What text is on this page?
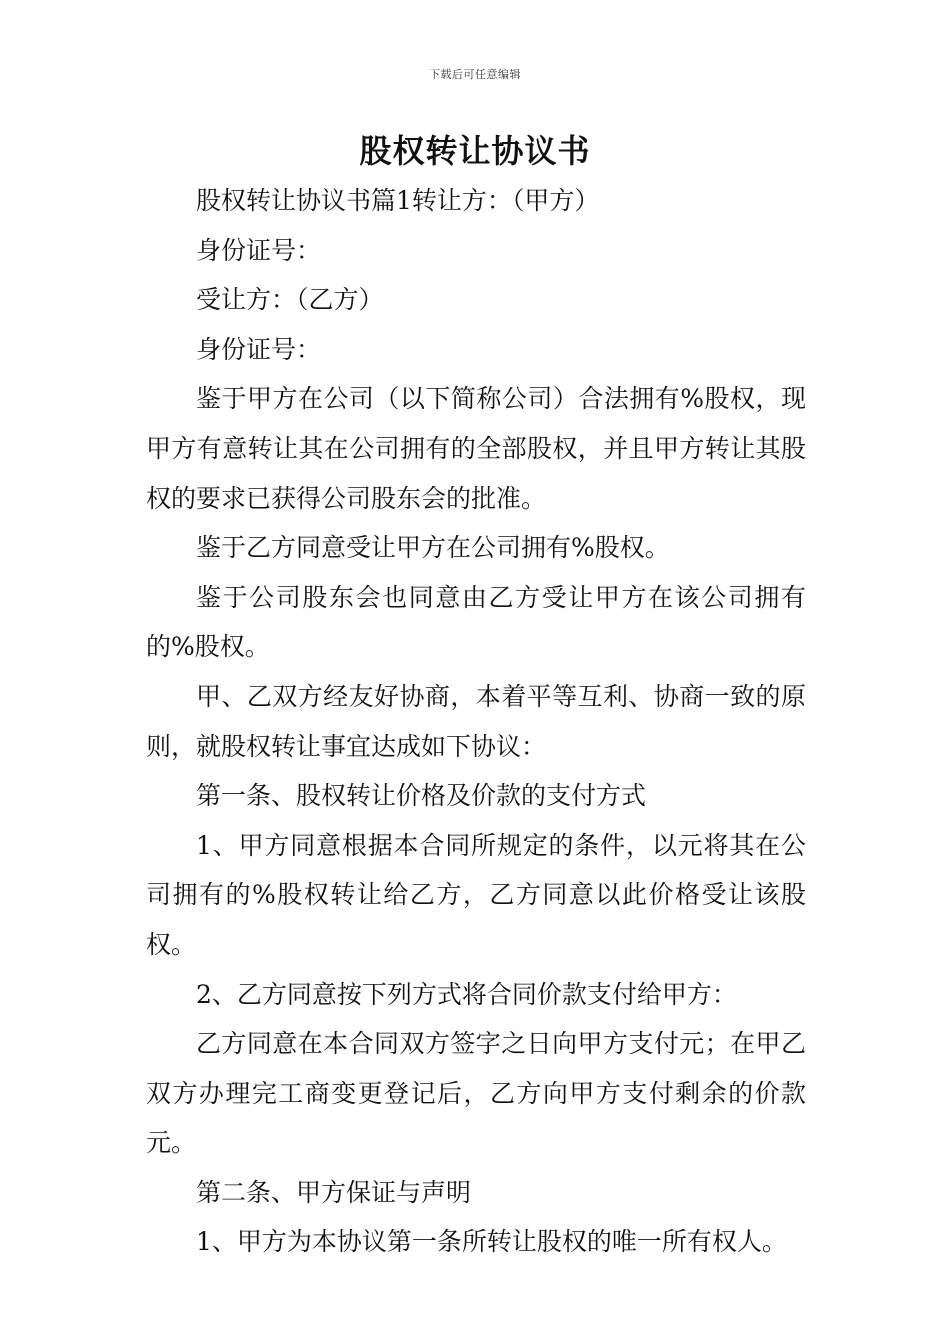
下载后可任意编辑
股权转让协议书

股权转让协议书篇1转让方：（甲方）

身份证号：

受让方：（乙方）

身份证号：

鉴于甲方在公司（以下简称公司）合法拥有%股权，现甲方有意转让其在公司拥有的全部股权，并且甲方转让其股权的要求已获得公司股东会的批准。

鉴于乙方同意受让甲方在公司拥有%股权。

鉴于公司股东会也同意由乙方受让甲方在该公司拥有的%股权。

甲、乙双方经友好协商，本着平等互利、协商一致的原则，就股权转让事宜达成如下协议：

第一条、股权转让价格及价款的支付方式

1、甲方同意根据本合同所规定的条件，以元将其在公司拥有的%股权转让给乙方，乙方同意以此价格受让该股权。

2、乙方同意按下列方式将合同价款支付给甲方：

乙方同意在本合同双方签字之日向甲方支付元；在甲乙双方办理完工商变更登记后，乙方向甲方支付剩余的价款元。

第二条、甲方保证与声明

1、甲方为本协议第一条所转让股权的唯一所有权人。
